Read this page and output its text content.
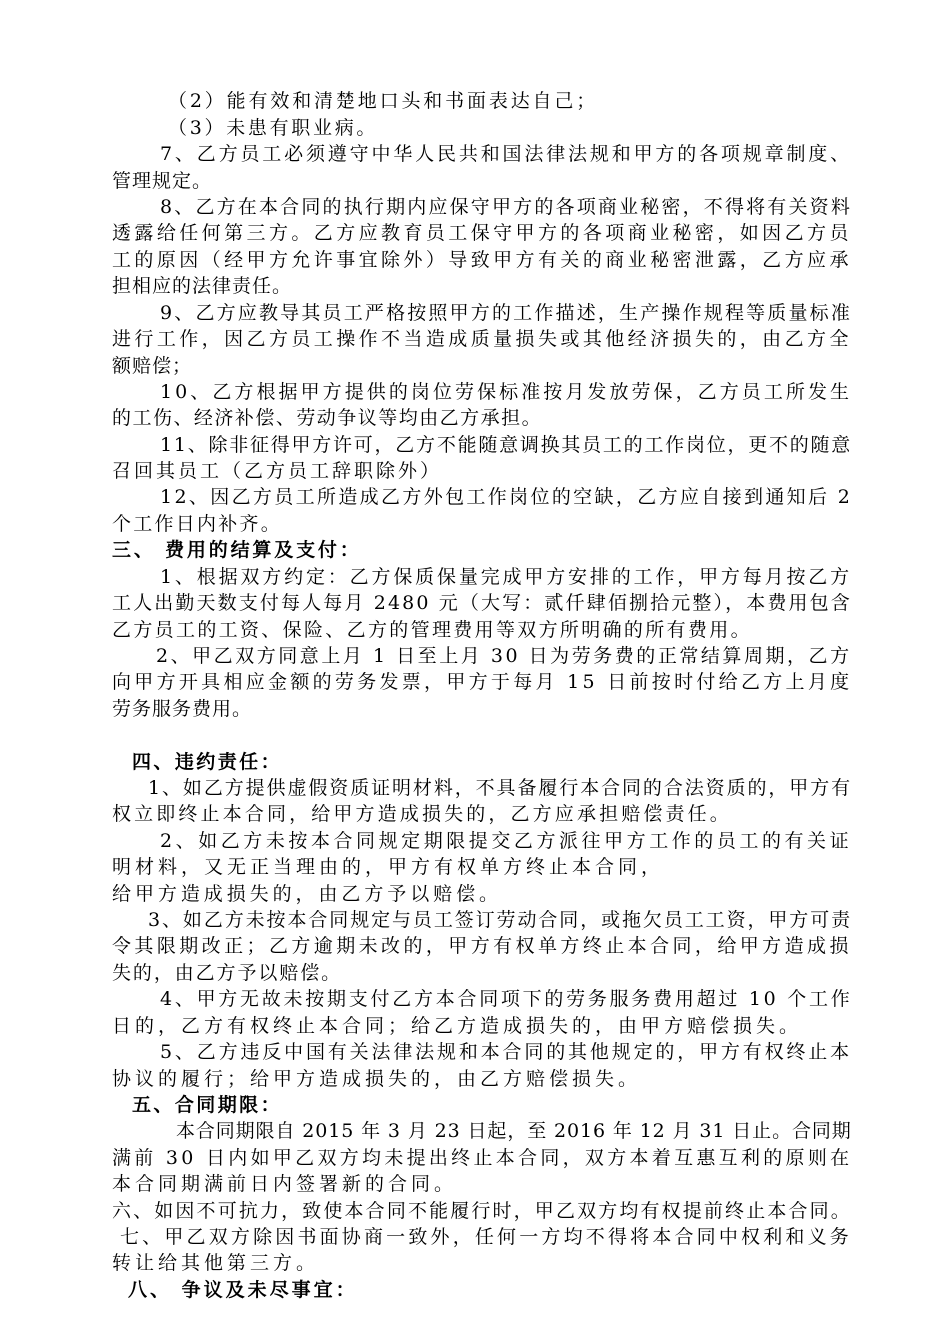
（2）能有效和清楚地口头和书面表达自己；
（3）未患有职业病。
7、乙方员工必须遵守中华人民共和国法律法规和甲方的各项规章制度、
管理规定。
8、乙方在本合同的执行期内应保守甲方的各项商业秘密，不得将有关资料
透露给任何第三方。乙方应教育员工保守甲方的各项商业秘密，如因乙方员
工的原因（经甲方允许事宜除外）导致甲方有关的商业秘密泄露，乙方应承
担相应的法律责任。
9、乙方应教导其员工严格按照甲方的工作描述，生产操作规程等质量标准
进行工作，因乙方员工操作不当造成质量损失或其他经济损失的，由乙方全
额赔偿；
10、乙方根据甲方提供的岗位劳保标准按月发放劳保，乙方员工所发生
的工伤、经济补偿、劳动争议等均由乙方承担。
11、除非征得甲方许可，乙方不能随意调换其员工的工作岗位，更不的随意
召回其员工（乙方员工辞职除外）
12、因乙方员工所造成乙方外包工作岗位的空缺，乙方应自接到通知后 2
个工作日内补齐。
三、 费用的结算及支付：
1、根据双方约定：乙方保质保量完成甲方安排的工作，甲方每月按乙方
工人出勤天数支付每人每月 2480 元（大写：贰仟肆佰捌拾元整），本费用包含
乙方员工的工资、保险、乙方的管理费用等双方所明确的所有费用。
2、甲乙双方同意上月 1 日至上月 30 日为劳务费的正常结算周期，乙方
向甲方开具相应金额的劳务发票，甲方于每月 15 日前按时付给乙方上月度
劳务服务费用。
四、违约责任：
1、如乙方提供虚假资质证明材料，不具备履行本合同的合法资质的，甲方有
权立即终止本合同，给甲方造成损失的，乙方应承担赔偿责任。
2、如乙方未按本合同规定期限提交乙方派往甲方工作的员工的有关证
明材料，又无正当理由的，甲方有权单方终止本合同，
给甲方造成损失的，由乙方予以赔偿。
3、如乙方未按本合同规定与员工签订劳动合同，或拖欠员工工资，甲方可责
令其限期改正；乙方逾期未改的，甲方有权单方终止本合同，给甲方造成损
失的，由乙方予以赔偿。
4、甲方无故未按期支付乙方本合同项下的劳务服务费用超过 10 个工作
日的，乙方有权终止本合同；给乙方造成损失的，由甲方赔偿损失。
5、乙方违反中国有关法律法规和本合同的其他规定的，甲方有权终止本
协议的履行；给甲方造成损失的，由乙方赔偿损失。
五、合同期限：
本合同期限自 2015 年 3 月 23 日起，至 2016 年 12 月 31 日止。合同期
满前 30 日内如甲乙双方均未提出终止本合同，双方本着互惠互利的原则在
本合同期满前日内签署新的合同。
六、如因不可抗力，致使本合同不能履行时，甲乙双方均有权提前终止本合同。
七、甲乙双方除因书面协商一致外，任何一方均不得将本合同中权利和义务
转让给其他第三方。
八、 争议及未尽事宜：
